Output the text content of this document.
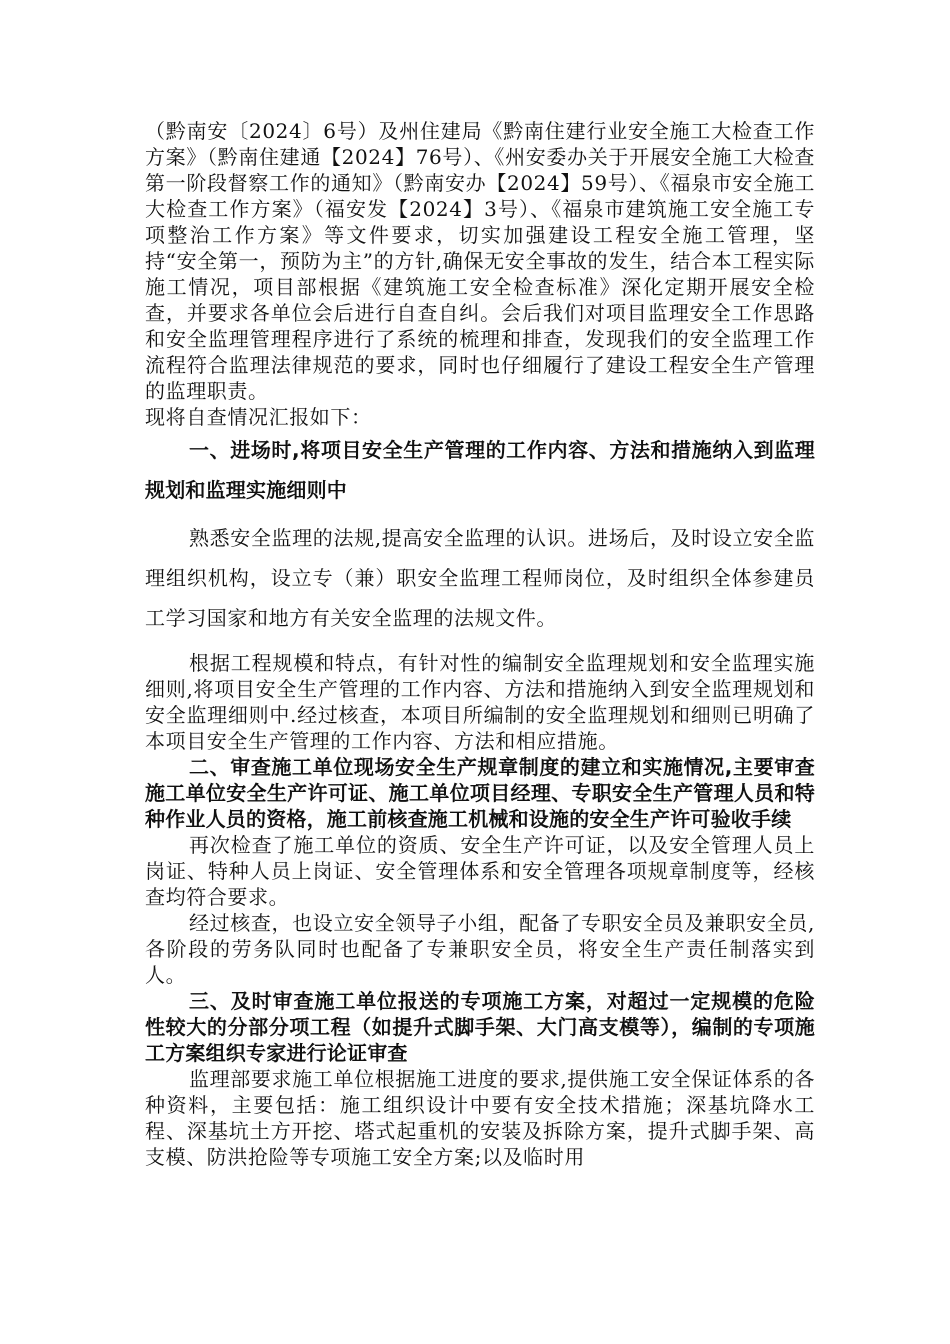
（黔南安〔2024〕6号）及州住建局《黔南住建行业安全施工大检查工作方案》（黔南住建通【2024】76号）、《州安委办关于开展安全施工大检查第一阶段督察工作的通知》（黔南安办【2024】59号）、《福泉市安全施工大检查工作方案》（福安发【2024】3号）、《福泉市建筑施工安全施工专项整治工作方案》等文件要求，切实加强建设工程安全施工管理，坚持“安全第一，预防为主”的方针,确保无安全事故的发生，结合本工程实际施工情况，项目部根据《建筑施工安全检查标准》深化定期开展安全检查，并要求各单位会后进行自查自纠。会后我们对项目监理安全工作思路和安全监理管理程序进行了系统的梳理和排查，发现我们的安全监理工作流程符合监理法律规范的要求，同时也仔细履行了建设工程安全生产管理的监理职责。

现将自查情况汇报如下：

一、进场时,将项目安全生产管理的工作内容、方法和措施纳入到监理规划和监理实施细则中

熟悉安全监理的法规,提高安全监理的认识。进场后，及时设立安全监理组织机构，设立专（兼）职安全监理工程师岗位，及时组织全体参建员工学习国家和地方有关安全监理的法规文件。

根据工程规模和特点，有针对性的编制安全监理规划和安全监理实施细则,将项目安全生产管理的工作内容、方法和措施纳入到安全监理规划和安全监理细则中.经过核查，本项目所编制的安全监理规划和细则已明确了本项目安全生产管理的工作内容、方法和相应措施。

二、审查施工单位现场安全生产规章制度的建立和实施情况,主要审查施工单位安全生产许可证、施工单位项目经理、专职安全生产管理人员和特种作业人员的资格，施工前核查施工机械和设施的安全生产许可验收手续

再次检查了施工单位的资质、安全生产许可证，以及安全管理人员上岗证、特种人员上岗证、安全管理体系和安全管理各项规章制度等，经核查均符合要求。

经过核查，也设立安全领导子小组，配备了专职安全员及兼职安全员,各阶段的劳务队同时也配备了专兼职安全员，将安全生产责任制落实到人。

三、及时审查施工单位报送的专项施工方案，对超过一定规模的危险性较大的分部分项工程（如提升式脚手架、大门高支模等），编制的专项施工方案组织专家进行论证审查

监理部要求施工单位根据施工进度的要求,提供施工安全保证体系的各种资料，主要包括：施工组织设计中要有安全技术措施；深基坑降水工程、深基坑土方开挖、塔式起重机的安装及拆除方案，提升式脚手架、高支模、防洪抢险等专项施工安全方案;以及临时用
